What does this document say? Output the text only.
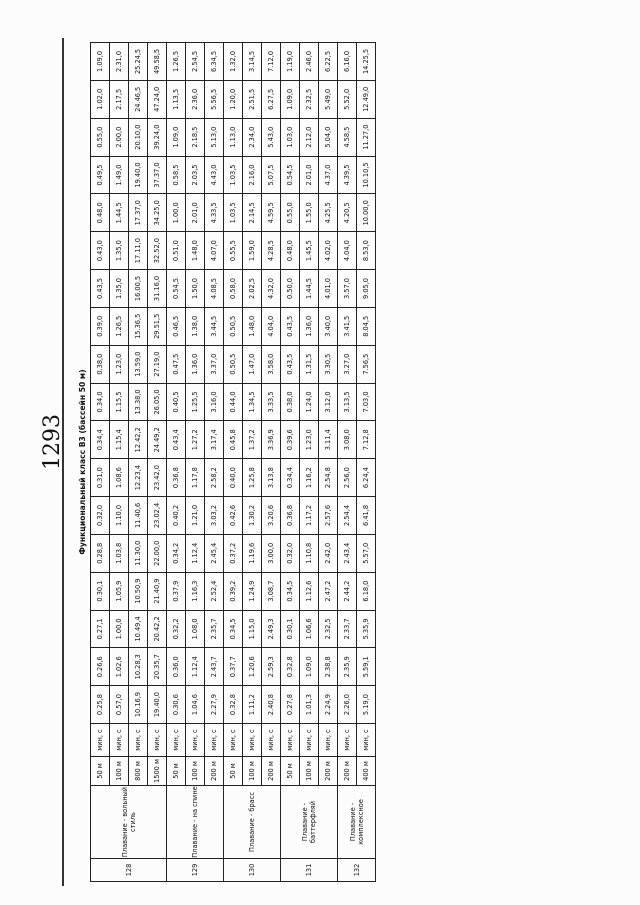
1293 Функциональный класс В3 (бассейн 50 м)
128	Плавание - вольный стиль	50 м	мин, с	0.25,8	0.26,6	0.27,1	0.30,1	0.28,8	0.32,0	0.31,0	0.34,4	0.34,0	0.38,0	0.39,0	0.43,5	0.43,0	0.48,0	0.49,5	0.55,0	1.02,0	1.09,0
		100 м	мин, с	0.57,0	1.02,6	1.00,0	1.05,9	1.03,8	1.10,0	1.08,6	1.15,4	1.15,5	1.23,0	1.26,5	1.35,0	1.35,0	1.44,5	1.49,0	2.00,0	2.17,5	2.31,0
		800 м	мин, с	10.16,9	10.28,3	10.49,4	10.50,9	11.30,0	11.40,6	12.23,4	12.42,2	13.38,0	13.59,0	15.36,5	16.00,5	17.11,0	17.37,0	19.40,0	20.10,0	24.46,5	25.24,5
		1500 м	мин, с	19.40,0	20.35,7	20.42,2	21.40,9	22.00,0	23.02,4	23.42,0	24.49,2	26.05,0	27.19,0	29.51,5	31.16,0	32.52,0	34.25,0	37.37,0	39.24,0	47.24,0	49.58,5
129	Плавание - на спине	50 м	мин, с	0.30,6	0.36,0	0.32,2	0.37,9	0.34,2	0.40,2	0.36,8	0.43,4	0.40,5	0.47,5	0.46,5	0.54,5	0.51,0	1.00,0	0.58,5	1.09,0	1.13,5	1.26,5
		100 м	мин, с	1.04,6	1.12,4	1.08,0	1.16,3	1.12,4	1.21,0	1.17,8	1.27,2	1.25,5	1.36,0	1.38,0	1.50,0	1.48,0	2.01,0	2.03,5	2.18,5	2.36,0	2.54,5
		200 м	мин, с	2.27,9	2.43,7	2.35,7	2.52,4	2.45,4	3.03,2	2.58,2	3.17,4	3.16,0	3.37,0	3.44,5	4.08,5	4.07,0	4.33,5	4.43,0	5.13,0	5.56,5	6.34,5
130	Плавание - брасс	50 м	мин, с	0.32,8	0.37,7	0.34,5	0.39,2	0.37,2	0.42,6	0.40,0	0.45,8	0.44,0	0.50,5	0.50,5	0.58,0	0.55,5	1.03,5	1.03,5	1.13,0	1.20,0	1.32,0
		100 м	мин, с	1.11,2	1.20,6	1.15,0	1.24,9	1.19,6	1.30,2	1.25,8	1.37,2	1.34,5	1.47,0	1.48,0	2.02,5	1.59,0	2.14,5	2.16,0	2.34,0	2.51,5	3.14,5
		200 м	мин, с	2.40,8	2.59,3	2.49,3	3.08,7	3.00,0	3.20,6	3.13,8	3.36,9	3.33,5	3.58,0	4.04,0	4.32,0	4.28,5	4.59,5	5.07,5	5.43,0	6.27,5	7.12,0
131	Плавание - баттерфляй	50 м	мин, с	0.27,8	0.32,8	0.30,1	0.34,5	0.32,0	0.36,8	0.34,4	0.39,6	0.38,0	0.43,5	0.43,5	0.50,0	0.48,0	0.55,0	0.54,5	1.03,0	1.09,0	1.19,0
		100 м	мин, с	1.01,3	1.09,0	1.06,6	1.12,6	1.10,8	1.17,2	1.16,2	1.23,0	1.24,0	1.31,5	1.36,0	1.44,5	1.45,5	1.55,0	2.01,0	2.12,0	2.32,5	2.46,0
		200 м	мин, с	2.24,9	2.38,8	2.32,5	2.47,2	2.42,0	2.57,6	2.54,8	3.11,4	3.12,0	3.30,5	3.40,0	4.01,0	4.02,0	4.25,5	4.37,0	5.04,0	5.49,0	6.22,5
132	Плавание - комплексное	200 м	мин, с	2.26,0	2.35,9	2.33,7	2.44,2	2.43,4	2.54,4	2.56,0	3.08,0	3.13,5	3.27,0	3.41,5	3.57,0	4.04,0	4.20,5	4.39,5	4.58,5	5.52,0	6.16,0
		400 м	мин, с	5.19,0	5.59,1	5.35,9	6.18,0	5.57,0	6.41,8	6.24,4	7.12,8	7.03,0	7.56,5	8.04,5	9.05,0	8.53,0	10.00,0	10.10,5	11.27,0	12.49,0	14.25,5
